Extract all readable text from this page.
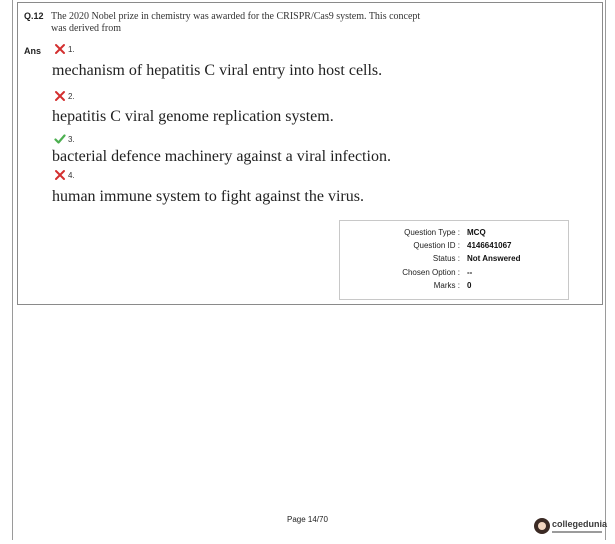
Q.12 The 2020 Nobel prize in chemistry was awarded for the CRISPR/Cas9 system. This concept was derived from
Ans	1.
mechanism of hepatitis C viral entry into host cells.
2.
hepatitis C viral genome replication system.
3.
bacterial defence machinery against a viral infection.
4.
human immune system to fight against the virus.
Question Type : MCQ
Question ID : 4146641067
Status : Not Answered
Chosen Option : --
Marks : 0
Page 14/70	collegedunia
